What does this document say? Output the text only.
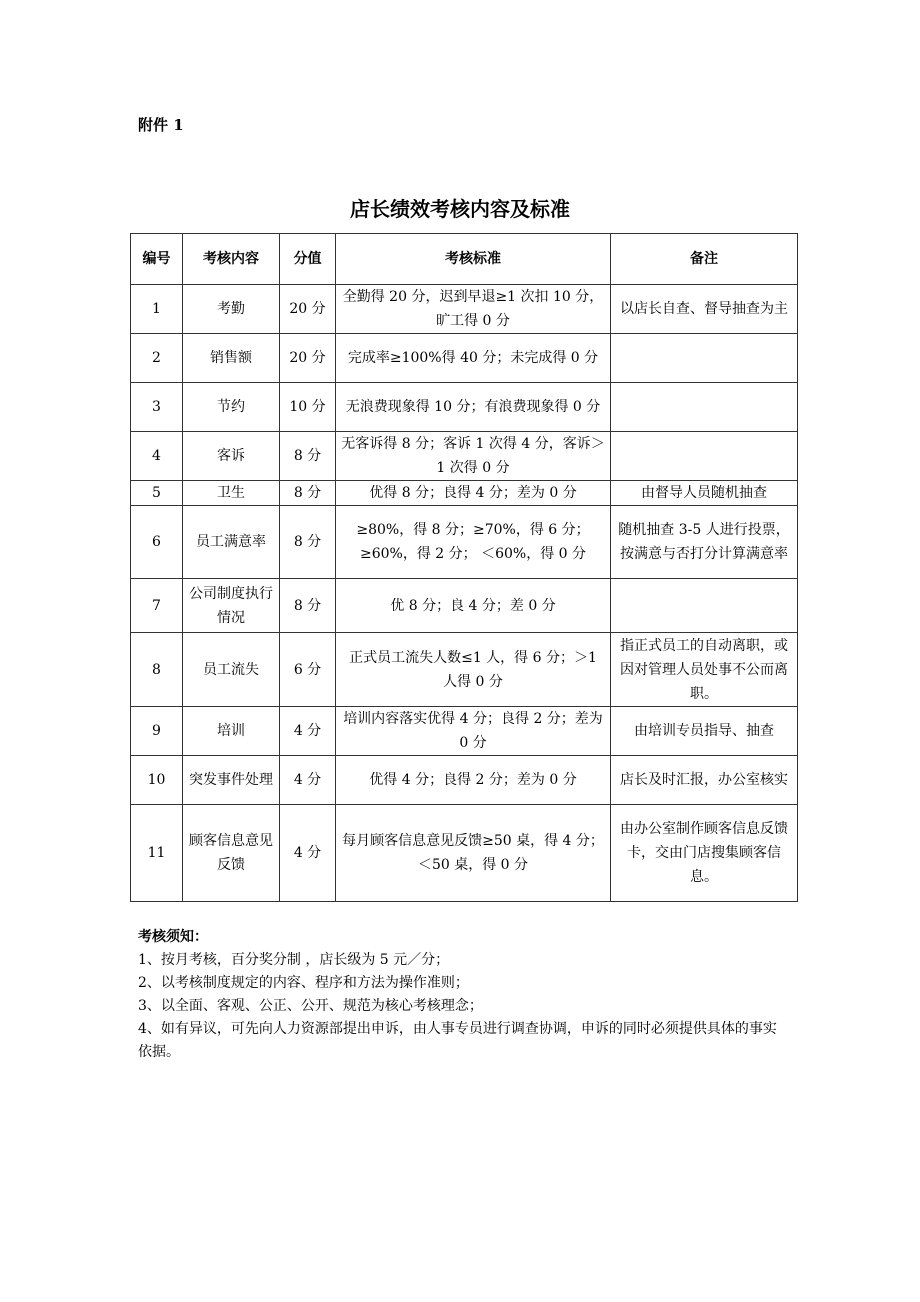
附件 1
店长绩效考核内容及标准
编号	考核内容	分值	考核标准	备注
1	考勤	20 分	全勤得 20 分，迟到早退≥1 次扣 10 分，旷工得 0 分	以店长自查、督导抽查为主
2	销售额	20 分	完成率≥100%得 40 分；未完成得 0 分	
3	节约	10 分	无浪费现象得 10 分；有浪费现象得 0 分	
4	客诉	8 分	无客诉得 8 分；客诉 1 次得 4 分，客诉＞1 次得 0 分	
5	卫生	8 分	优得 8 分；良得 4 分；差为 0 分	由督导人员随机抽查
6	员工满意率	8 分	≥80%，得 8 分；≥70%，得 6 分；≥60%，得 2 分； ＜60%，得 0 分	随机抽查 3-5 人进行投票，按满意与否打分计算满意率
7	公司制度执行情况	8 分	优 8 分；良 4 分；差 0 分	
8	员工流失	6 分	正式员工流失人数≤1 人，得 6 分；＞1 人得 0 分	指正式员工的自动离职，或因对管理人员处事不公而离职。
9	培训	4 分	培训内容落实优得 4 分；良得 2 分；差为 0 分	由培训专员指导、抽查
10	突发事件处理	4 分	优得 4 分；良得 2 分；差为 0 分	店长及时汇报，办公室核实
11	顾客信息意见反馈	4 分	每月顾客信息意见反馈≥50 桌，得 4 分；＜50 桌，得 0 分	由办公室制作顾客信息反馈卡，交由门店搜集顾客信息。

考核须知：

1、按月考核，百分奖分制 ，店长级为 5 元／分；

2、以考核制度规定的内容、程序和方法为操作准则；

3、以全面、客观、公正、公开、规范为核心考核理念；

4、如有异议，可先向人力资源部提出申诉，由人事专员进行调查协调，申诉的同时必须提供具体的事实依据。
